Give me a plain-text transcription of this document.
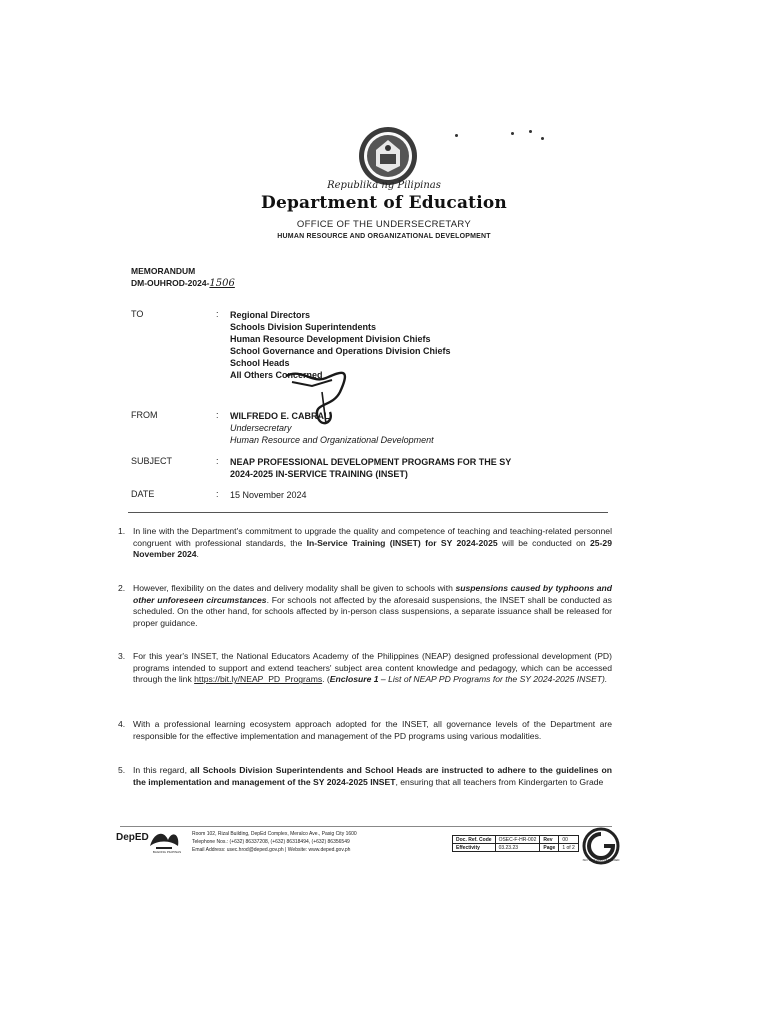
Republika ng Pilipinas
Department of Education
OFFICE OF THE UNDERSECRETARY
HUMAN RESOURCE AND ORGANIZATIONAL DEVELOPMENT
MEMORANDUM
DM-OUHROD-2024-1506
TO	: Regional Directors
Schools Division Superintendents
Human Resource Development Division Chiefs
School Governance and Operations Division Chiefs
School Heads
All Others Concerned
FROM	: WILFREDO E. CABRAL
Undersecretary
Human Resource and Organizational Development
SUBJECT	: NEAP PROFESSIONAL DEVELOPMENT PROGRAMS FOR THE SY
2024-2025 IN-SERVICE TRAINING (INSET)
DATE	: 15 November 2024
1. In line with the Department's commitment to upgrade the quality and competence of teaching and teaching-related personnel congruent with professional standards, the In-Service Training (INSET) for SY 2024-2025 will be conducted on 25-29 November 2024.
2. However, flexibility on the dates and delivery modality shall be given to schools with suspensions caused by typhoons and other unforeseen circumstances. For schools not affected by the aforesaid suspensions, the INSET shall be conducted as scheduled. On the other hand, for schools affected by in-person class suspensions, a separate issuance shall be released for proper guidance.
3. For this year's INSET, the National Educators Academy of the Philippines (NEAP) designed professional development (PD) programs intended to support and extend teachers' subject area content knowledge and pedagogy, which can be accessed through the link https://bit.ly/NEAP_PD_Programs. (Enclosure 1 – List of NEAP PD Programs for the SY 2024-2025 INSET).
4. With a professional learning ecosystem approach adopted for the INSET, all governance levels of the Department are responsible for the effective implementation and management of the PD programs using various modalities.
5. In this regard, all Schools Division Superintendents and School Heads are instructed to adhere to the guidelines on the implementation and management of the SY 2024-2025 INSET, ensuring that all teachers from Kindergarten to Grade
DepED
BAGONG PILIPINAS
Room 102, Rizal Building, DepEd Complex, Meralco Ave., Pasig City 1600
Telephone Nos.: (+632) 86337208, (+632) 86318494, (+632) 86356549
Email Address: usec.hrod@deped.gov.ph | Website: www.deped.gov.ph
Doc. Ref. Code	OSEC-F-HR-002	Rev	00
Effectivity	03.23.23	Page	1 of 2
ISO 9001:2015 CERTIFIED
